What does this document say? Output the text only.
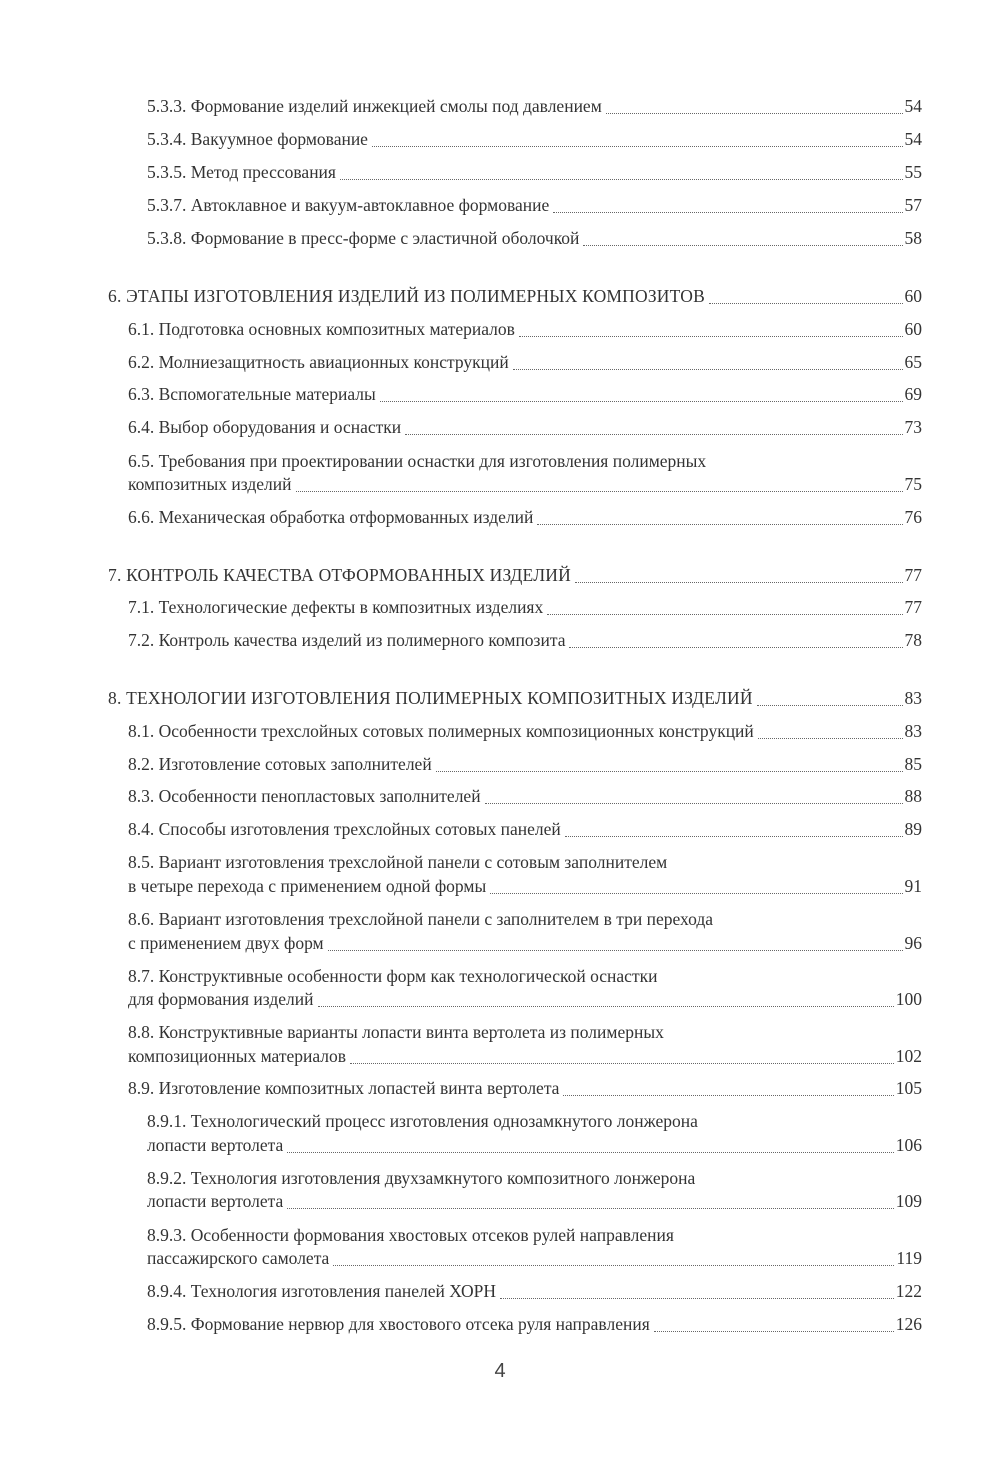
5.3.3. Формование изделий инжекцией смолы под давлением	54
5.3.4. Вакуумное формование	54
5.3.5. Метод прессования	55
5.3.7. Автоклавное и вакуум-автоклавное формование	57
5.3.8. Формование в пресс-форме с эластичной оболочкой	58
6. ЭТАПЫ ИЗГОТОВЛЕНИЯ ИЗДЕЛИЙ ИЗ ПОЛИМЕРНЫХ КОМПОЗИТОВ	60
6.1. Подготовка основных композитных материалов	60
6.2. Молниезащитность авиационных конструкций	65
6.3. Вспомогательные материалы	69
6.4. Выбор оборудования и оснастки	73
6.5. Требования при проектировании оснастки для изготовления полимерных
композитных изделий	75
6.6. Механическая обработка отформованных изделий	76
7. КОНТРОЛЬ КАЧЕСТВА ОТФОРМОВАННЫХ ИЗДЕЛИЙ	77
7.1. Технологические дефекты в композитных изделиях	77
7.2. Контроль качества изделий из полимерного композита	78
8. ТЕХНОЛОГИИ ИЗГОТОВЛЕНИЯ ПОЛИМЕРНЫХ КОМПОЗИТНЫХ ИЗДЕЛИЙ	83
8.1. Особенности трехслойных сотовых полимерных композиционных конструкций	83
8.2. Изготовление сотовых заполнителей	85
8.3. Особенности пенопластовых заполнителей	88
8.4. Способы изготовления трехслойных сотовых панелей	89
8.5. Вариант изготовления трехслойной панели с сотовым заполнителем
в четыре перехода с применением одной формы	91
8.6. Вариант изготовления трехслойной панели с заполнителем в три перехода
с применением двух форм	96
8.7. Конструктивные особенности форм как технологической оснастки
для формования изделий	100
8.8. Конструктивные варианты лопасти винта вертолета из полимерных
композиционных материалов	102
8.9. Изготовление композитных лопастей винта вертолета	105
8.9.1. Технологический процесс изготовления однозамкнутого лонжерона
лопасти вертолета	106
8.9.2. Технология изготовления двухзамкнутого композитного лонжерона
лопасти вертолета	109
8.9.3. Особенности формования хвостовых отсеков рулей направления
пассажирского самолета	119
8.9.4. Технология изготовления панелей ХОРН	122
8.9.5. Формование нервюр для хвостового отсека руля направления	126
4
